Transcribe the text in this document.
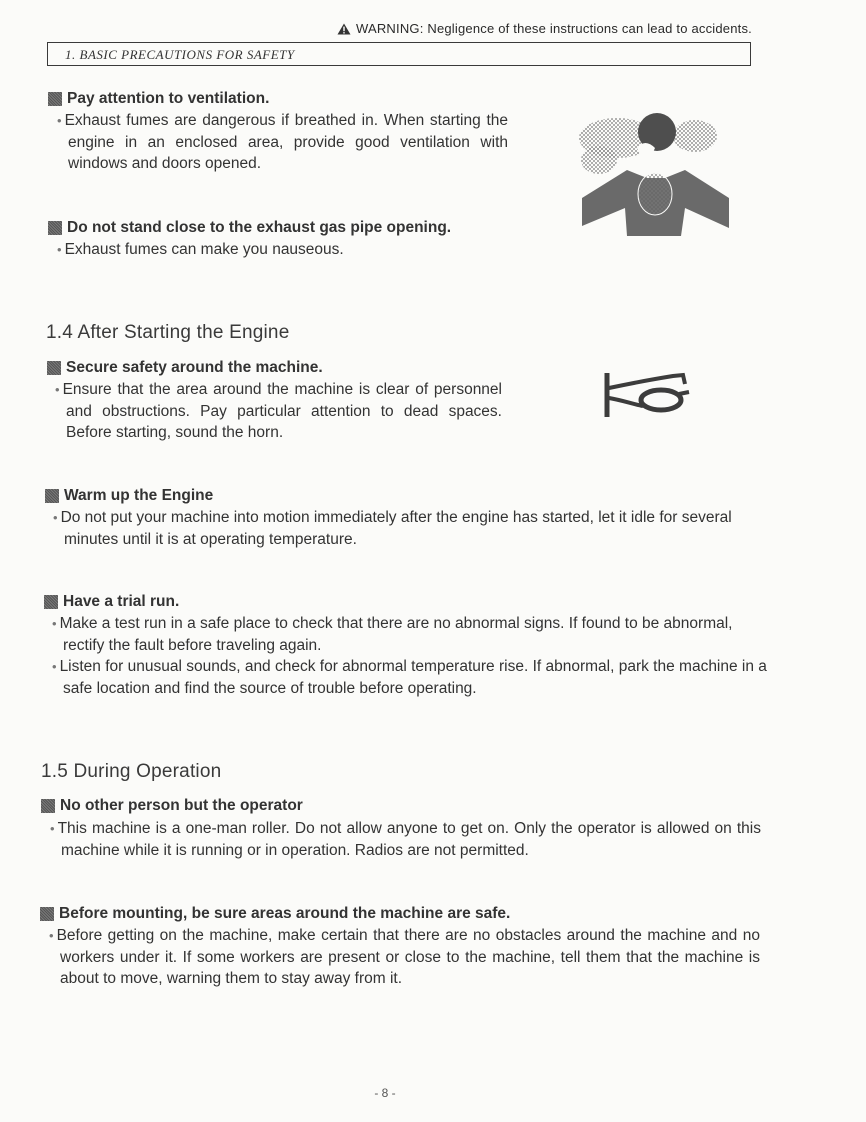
WARNING: Negligence of these instructions can lead to accidents.
1. BASIC PRECAUTIONS FOR SAFETY
Pay attention to ventilation.
• Exhaust fumes are dangerous if breathed in. When starting the engine in an enclosed area, provide good ventilation with windows and doors opened.
Do not stand close to the exhaust gas pipe opening.
• Exhaust fumes can make you nauseous.
1.4 After Starting the Engine
Secure safety around the machine.
• Ensure that the area around the machine is clear of personnel and obstructions. Pay particular attention to dead spaces. Before starting, sound the horn.
Warm up the Engine
• Do not put your machine into motion immediately after the engine has started, let it idle for several minutes until it is at operating temperature.
Have a trial run.
• Make a test run in a safe place to check that there are no abnormal signs. If found to be abnormal, rectify the fault before traveling again.
• Listen for unusual sounds, and check for abnormal temperature rise. If abnormal, park the machine in a safe location and find the source of trouble before operating.
1.5 During Operation
No other person but the operator
• This machine is a one-man roller. Do not allow anyone to get on. Only the operator is allowed on this machine while it is running or in operation. Radios are not permitted.
Before mounting, be sure areas around the machine are safe.
• Before getting on the machine, make certain that there are no obstacles around the machine and no workers under it. If some workers are present or close to the machine, tell them that the machine is about to move, warning them to stay away from it.
- 8 -
